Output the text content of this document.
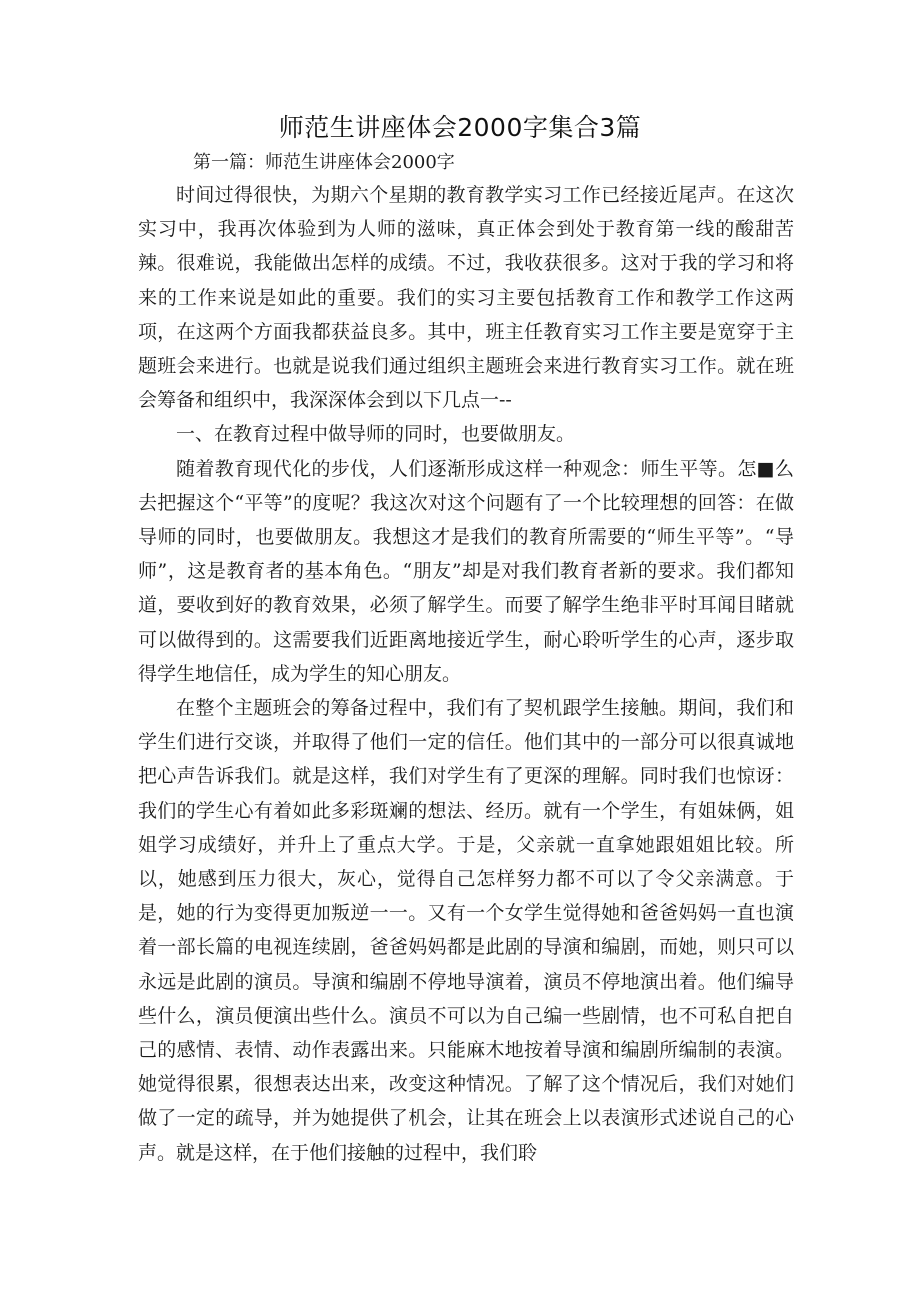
师范生讲座体会2000字集合3篇
第一篇：师范生讲座体会2000字

时间过得很快，为期六个星期的教育教学实习工作已经接近尾声。在这次实习中，我再次体验到为人师的滋味，真正体会到处于教育第一线的酸甜苦辣。很难说，我能做出怎样的成绩。不过，我收获很多。这对于我的学习和将来的工作来说是如此的重要。我们的实习主要包括教育工作和教学工作这两项，在这两个方面我都获益良多。其中，班主任教育实习工作主要是宽穿于主题班会来进行。也就是说我们通过组织主题班会来进行教育实习工作。就在班会筹备和组织中，我深深体会到以下几点一--

一、在教育过程中做导师的同时，也要做朋友。

随着教育现代化的步伐，人们逐渐形成这样一种观念：师生平等。怎■么去把握这个“平等”的度呢？我这次对这个问题有了一个比较理想的回答：在做导师的同时，也要做朋友。我想这才是我们的教育所需要的“师生平等”。“导师”，这是教育者的基本角色。“朋友”却是对我们教育者新的要求。我们都知道，要收到好的教育效果，必须了解学生。而要了解学生绝非平时耳闻目睹就可以做得到的。这需要我们近距离地接近学生，耐心聆听学生的心声，逐步取得学生地信任，成为学生的知心朋友。

在整个主题班会的筹备过程中，我们有了契机跟学生接触。期间，我们和学生们进行交谈，并取得了他们一定的信任。他们其中的一部分可以很真诚地把心声告诉我们。就是这样，我们对学生有了更深的理解。同时我们也惊讶：我们的学生心有着如此多彩斑斓的想法、经历。就有一个学生，有姐妹俩，姐姐学习成绩好，并升上了重点大学。于是，父亲就一直拿她跟姐姐比较。所以，她感到压力很大，灰心，觉得自己怎样努力都不可以了令父亲满意。于是，她的行为变得更加叛逆一一。又有一个女学生觉得她和爸爸妈妈一直也演着一部长篇的电视连续剧，爸爸妈妈都是此剧的导演和编剧，而她，则只可以永远是此剧的演员。导演和编剧不停地导演着，演员不停地演出着。他们编导些什么，演员便演出些什么。演员不可以为自己编一些剧情，也不可私自把自己的感情、表情、动作表露出来。只能麻木地按着导演和编剧所编制的表演。她觉得很累，很想表达出来，改变这种情况。了解了这个情况后，我们对她们做了一定的疏导，并为她提供了机会，让其在班会上以表演形式述说自己的心声。就是这样，在于他们接触的过程中，我们聆
